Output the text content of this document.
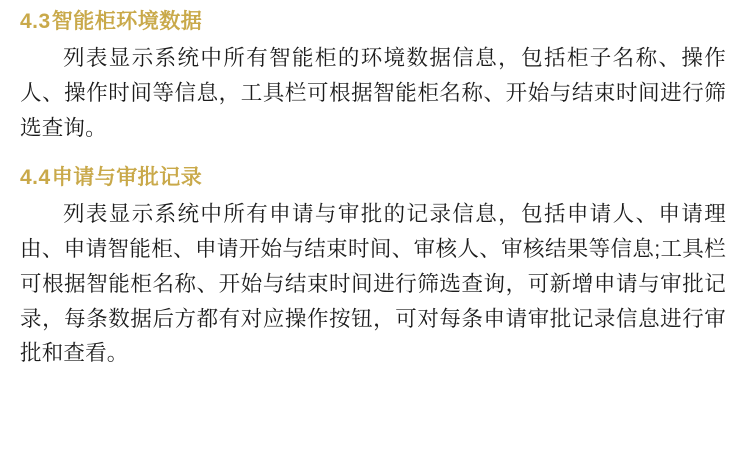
4.3智能柜环境数据

列表显示系统中所有智能柜的环境数据信息，包括柜子名称、操作人、操作时间等信息，工具栏可根据智能柜名称、开始与结束时间进行筛选查询。

4.4申请与审批记录

列表显示系统中所有申请与审批的记录信息，包括申请人、申请理由、申请智能柜、申请开始与结束时间、审核人、审核结果等信息;工具栏可根据智能柜名称、开始与结束时间进行筛选查询，可新增申请与审批记录，每条数据后方都有对应操作按钮，可对每条申请审批记录信息进行审批和查看。
